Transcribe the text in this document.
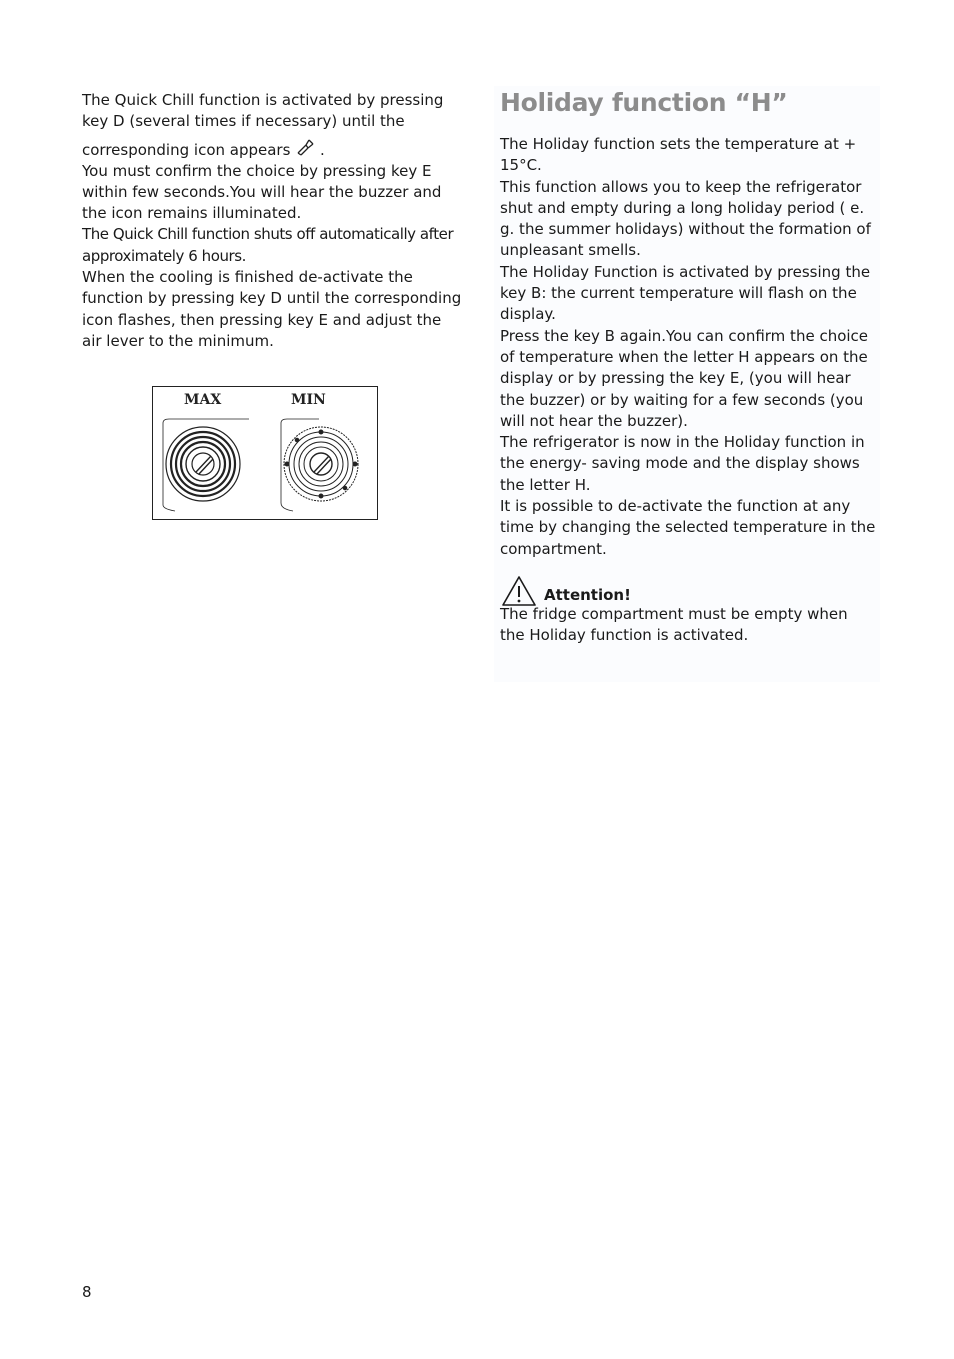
The Quick Chill function is activated by pressing key D (several times if necessary) until the
corresponding icon appears .

You must confirm the choice by pressing key E within few seconds.You will hear the buzzer and the icon remains illuminated.

The Quick Chill function shuts off automatically after approximately 6 hours.

When the cooling is finished de-activate the function by pressing key D until the corresponding icon flashes, then pressing key E and adjust the air lever to the minimum.

MAX	MIN
Holiday function “H”

The Holiday function sets the temperature at + 15°C.

This function allows you to keep the refrigerator shut and empty during a long holiday period ( e. g. the summer holidays) without the formation of unpleasant smells.

The Holiday Function is activated by pressing the key B: the current temperature will flash on the display.

Press the key B again.You can confirm the choice of temperature when the letter H appears on the display or by pressing the key E, (you will hear the buzzer) or by waiting for a few seconds (you will not hear the buzzer).

The refrigerator is now in the Holiday function in the energy- saving mode and the display shows the letter H.

It is possible to de-activate the function at any time by changing the selected temperature in the compartment.

Attention!

The fridge compartment must be empty when the Holiday function is activated.

8
